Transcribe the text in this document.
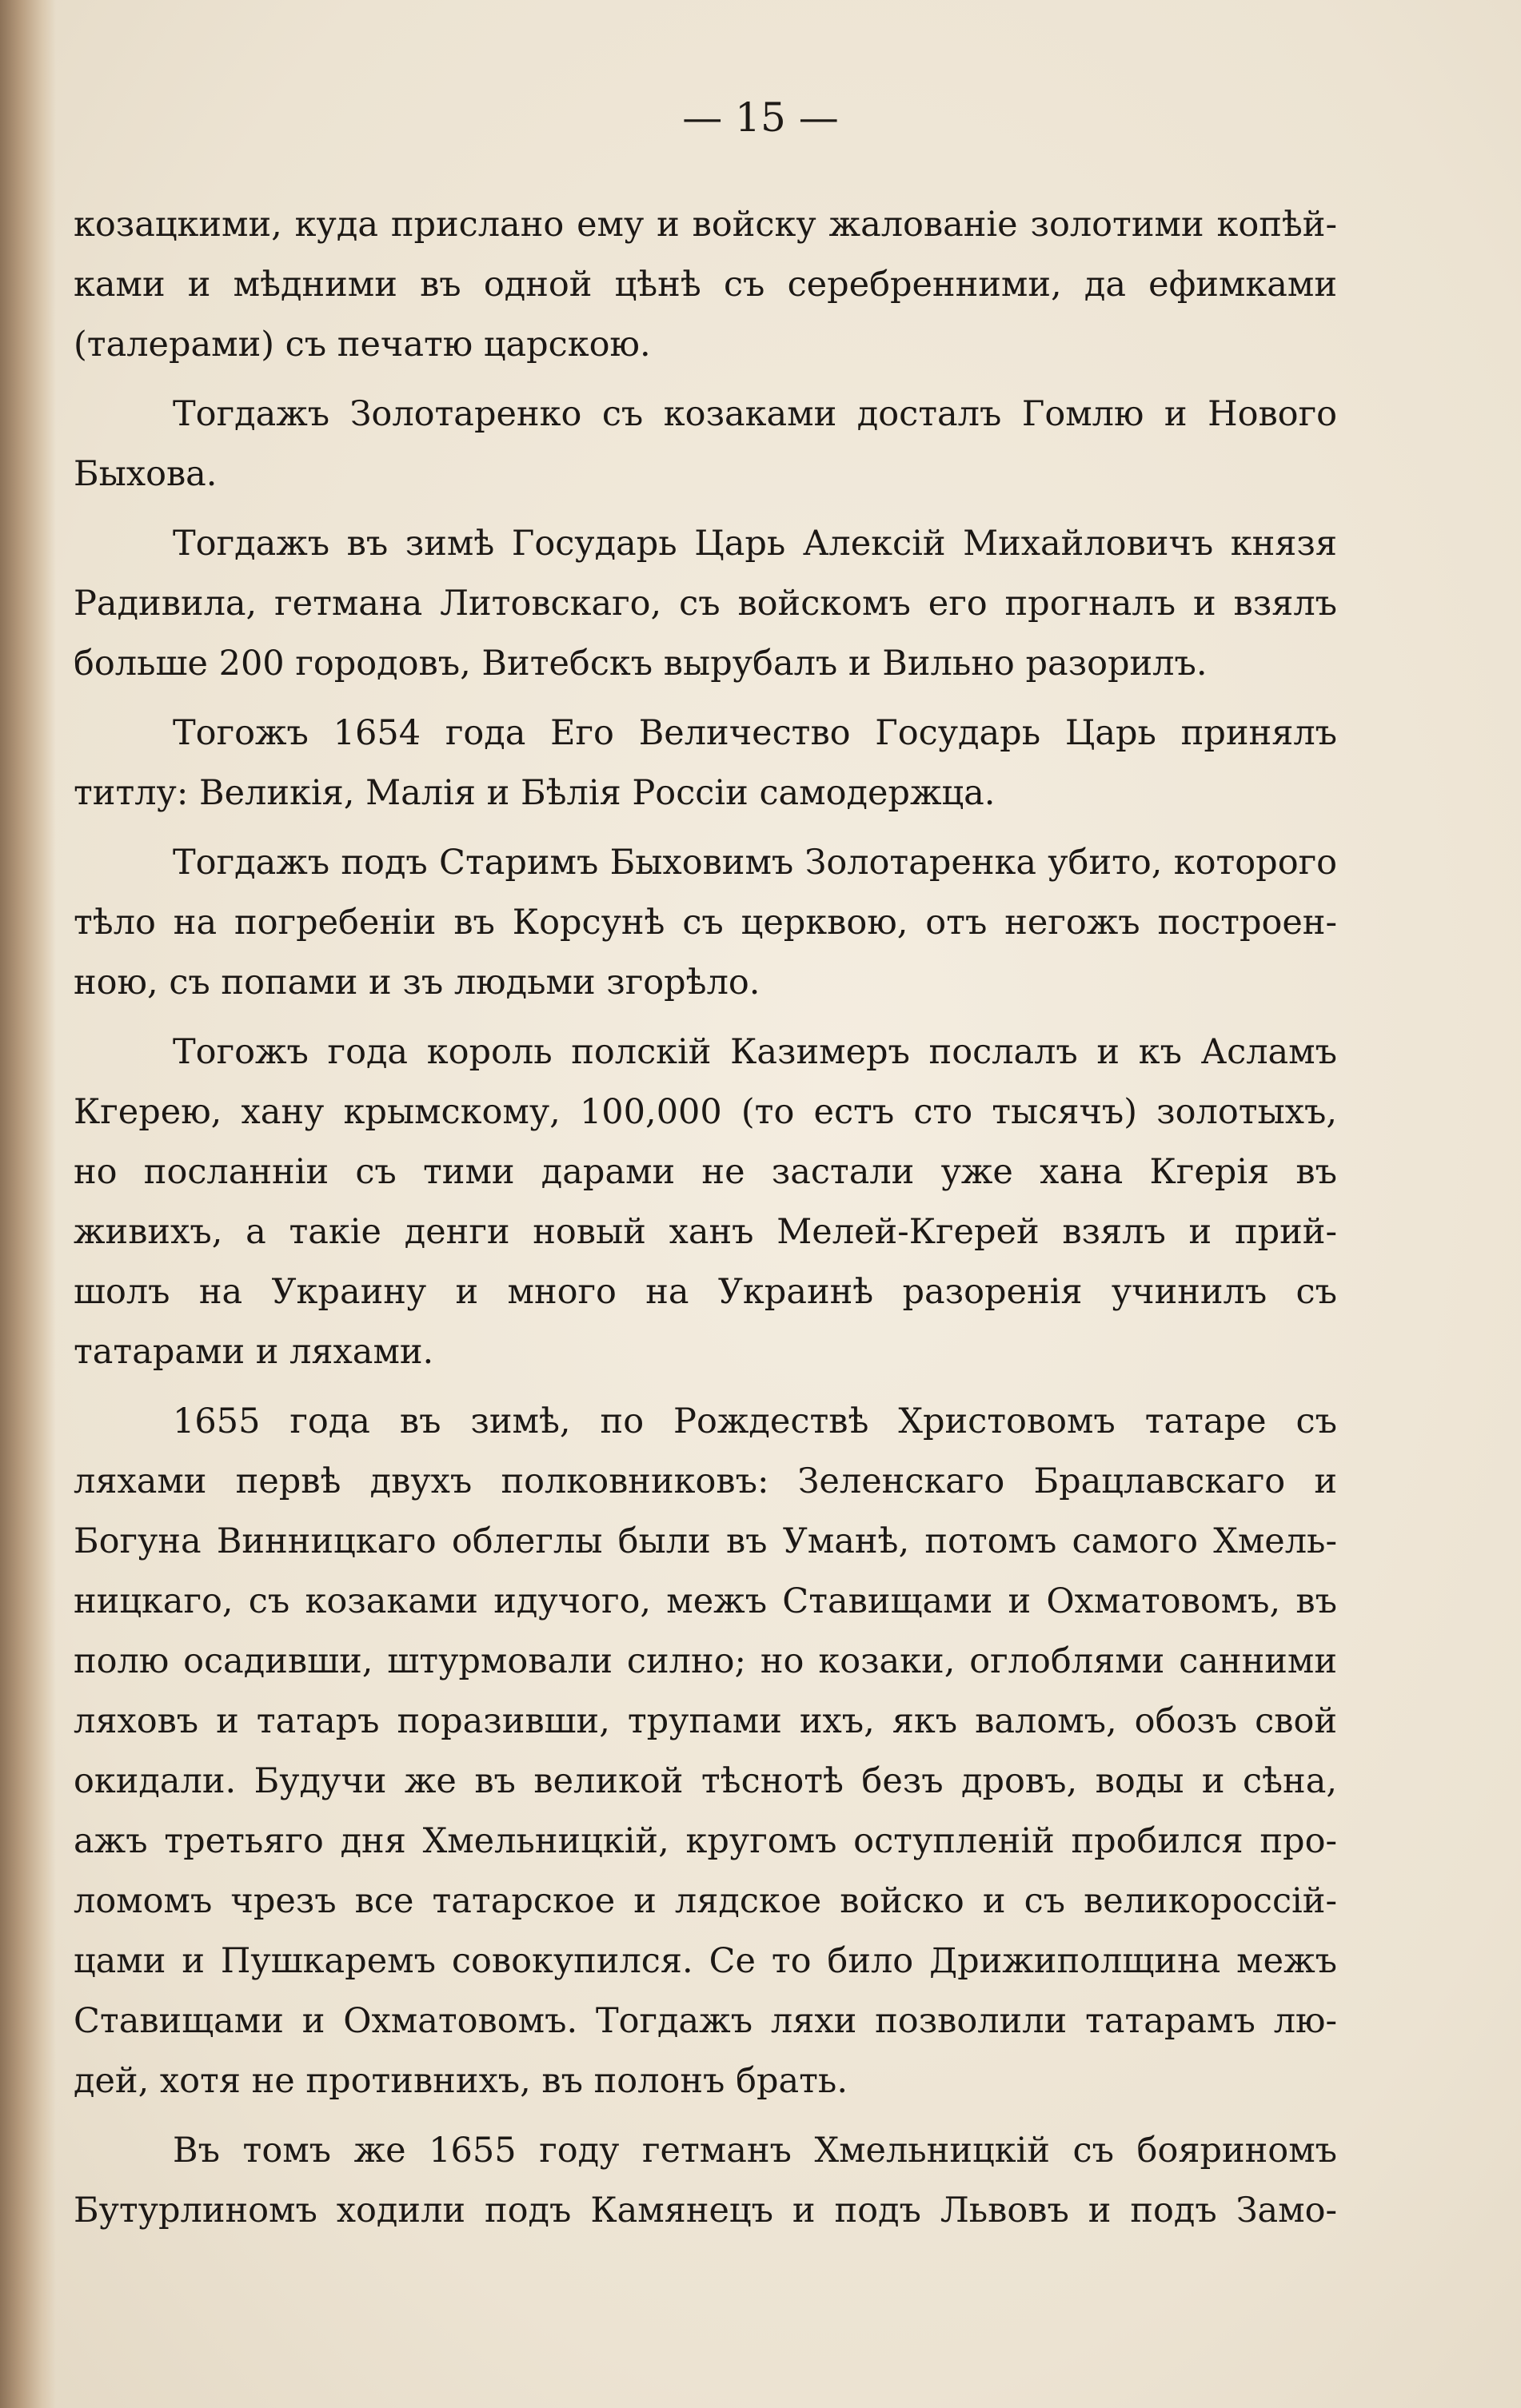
— 15 —
козацкими, куда прислано ему и войску жалованіе золотими копѣй-
ками и мѣдними въ одной цѣнѣ съ серебренними, да ефимками
(талерами) съ печатю царскою.
Тогдажъ Золотаренко съ козаками досталъ Гомлю и Нового
Быхова.
Тогдажъ въ зимѣ Государь Царь Алексій Михайловичъ князя
Радивила, гетмана Литовскаго, съ войскомъ его прогналъ и взялъ
больше 200 городовъ, Витебскъ вырубалъ и Вильно разорилъ.
Тогожъ 1654 года Его Величество Государь Царь принялъ
титлу: Великія, Малія и Бѣлія Россіи самодержца.
Тогдажъ подъ Старимъ Быховимъ Золотаренка убито, которого
тѣло на погребеніи въ Корсунѣ съ церквою, отъ негожъ построен-
ною, съ попами и зъ людьми згорѣло.
Тогожъ года король полскій Казимеръ послалъ и къ Асламъ
Кгерею, хану крымскому, 100,000 (то естъ сто тысячъ) золотыхъ,
но посланніи съ тими дарами не застали уже хана Кгерія въ
живихъ, а такіе денги новый ханъ Мелей-Кгерей взялъ и прий-
шолъ на Украину и много на Украинѣ разоренія учинилъ съ
татарами и ляхами.
1655 года въ зимѣ, по Рождествѣ Христовомъ татаре съ
ляхами первѣ двухъ полковниковъ: Зеленскаго Брацлавскаго и
Богуна Винницкаго облеглы были въ Уманѣ, потомъ самого Хмель-
ницкаго, съ козаками идучого, межъ Ставищами и Охматовомъ, въ
полю осадивши, штурмовали силно; но козаки, оглоблями санними
ляховъ и татаръ поразивши, трупами ихъ, якъ валомъ, обозъ свой
окидали. Будучи же въ великой тѣснотѣ безъ дровъ, воды и сѣна,
ажъ третьяго дня Хмельницкій, кругомъ оступленій пробился про-
ломомъ чрезъ все татарское и лядское войско и съ великороссій-
цами и Пушкаремъ совокупился. Се то било Дрижиполщина межъ
Ставищами и Охматовомъ. Тогдажъ ляхи позволили татарамъ лю-
дей, хотя не противнихъ, въ полонъ брать.
Въ томъ же 1655 году гетманъ Хмельницкій съ бояриномъ
Бутурлиномъ ходили подъ Камянецъ и подъ Львовъ и подъ Замо-
